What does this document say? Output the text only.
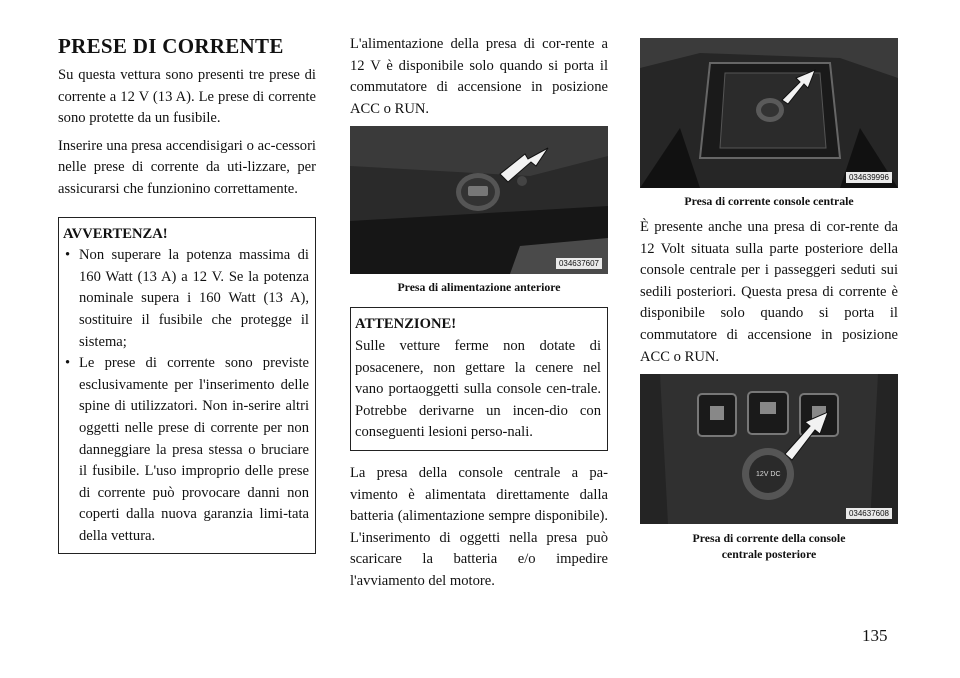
PRESE DI CORRENTE

Su questa vettura sono presenti tre prese di corrente a 12 V (13 A). Le prese di corrente sono protette da un fusibile.

Inserire una presa accendisigari o ac-cessori nelle prese di corrente da uti-lizzare, per assicurarsi che funzionino correttamente.

AVVERTENZA!
• Non superare la potenza massima di 160 Watt (13 A) a 12 V. Se la potenza nominale supera i 160 Watt (13 A), sostituire il fusibile che protegge il sistema;
• Le prese di corrente sono previste esclusivamente per l'inserimento delle spine di utilizzatori. Non in-serire altri oggetti nelle prese di corrente per non danneggiare la presa stessa o bruciare il fusibile. L'uso improprio delle prese di corrente può provocare danni non coperti dalla nuova garanzia limi-tata della vettura.

L'alimentazione della presa di cor-rente a 12 V è disponibile solo quando si porta il commutatore di accensione in posizione ACC o RUN.

034637607
Presa di alimentazione anteriore
ATTENZIONE!
Sulle vetture ferme non dotate di posacenere, non gettare la cenere nel vano portaoggetti sulla console cen-trale. Potrebbe derivarne un incen-dio con conseguenti lesioni perso-nali.

La presa della console centrale a pa-vimento è alimentata direttamente dalla batteria (alimentazione sempre disponibile). L'inserimento di oggetti nella presa può scaricare la batteria e/o impedire l'avviamento del motore.

034639996
Presa di corrente console centrale

È presente anche una presa di cor-rente da 12 Volt situata sulla parte posteriore della console centrale per i passeggeri seduti sui sedili posteriori. Questa presa di corrente è disponibile solo quando si porta il commutatore di accensione in posizione ACC o RUN.

12V DC
034637608
Presa di corrente della console
centrale posteriore
135
